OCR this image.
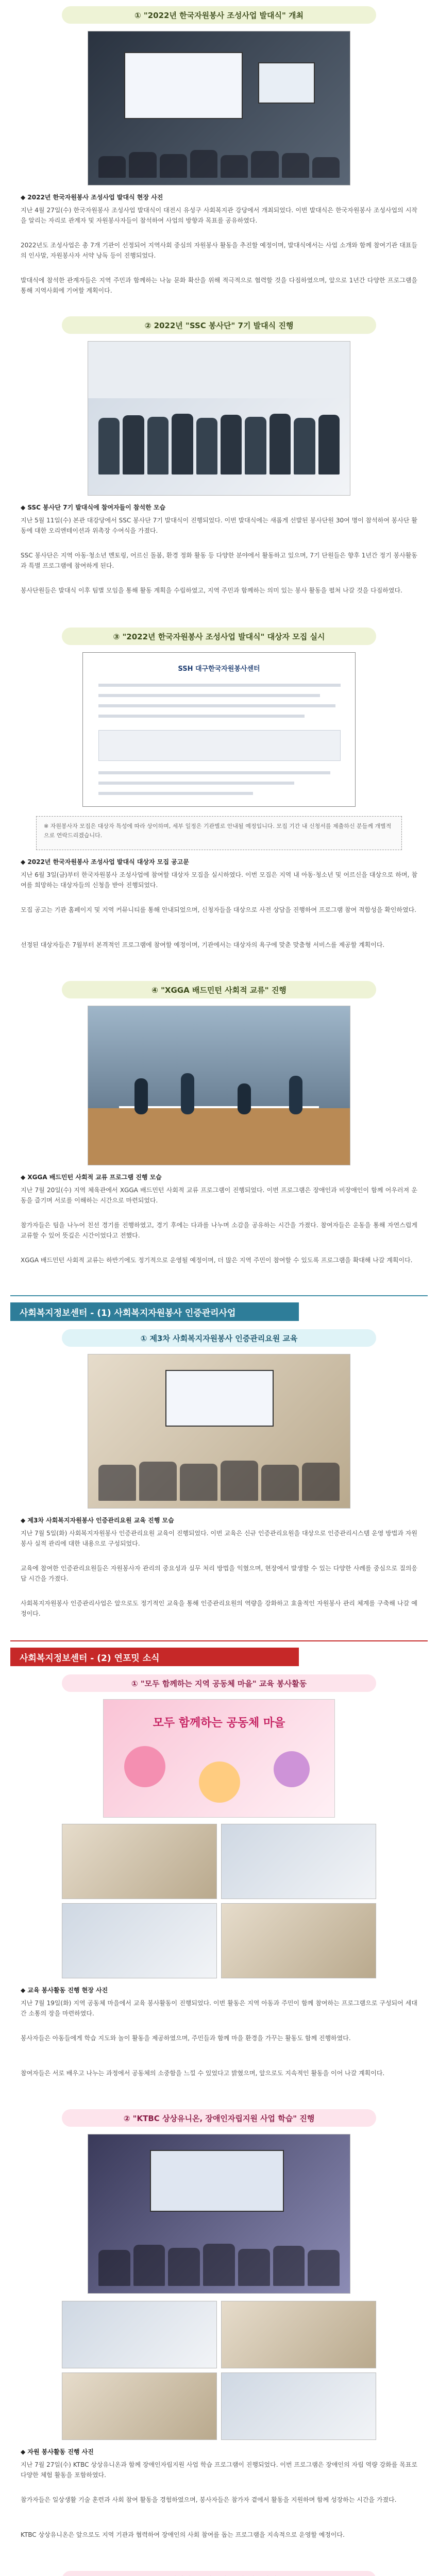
① "2022년 한국자원봉사 조성사업 발대식" 개최
◆ 2022년 한국자원봉사 조성사업 발대식 현장 사진
지난 4월 27일(수) 한국자원봉사 조성사업 발대식이 대전시 유성구 사회복지관 강당에서 개최되었다. 이번 발대식은 한국자원봉사 조성사업의 시작을 알리는 자리로 관계자 및 자원봉사자들이 참석하여 사업의 방향과 목표를 공유하였다.
2022년도 조성사업은 총 7개 기관이 선정되어 지역사회 중심의 자원봉사 활동을 추진할 예정이며, 발대식에서는 사업 소개와 함께 참여기관 대표들의 인사말, 자원봉사자 서약 낭독 등이 진행되었다.
발대식에 참석한 관계자들은 지역 주민과 함께하는 나눔 문화 확산을 위해 적극적으로 협력할 것을 다짐하였으며, 앞으로 1년간 다양한 프로그램을 통해 지역사회에 기여할 계획이다.
② 2022년 "SSC 봉사단" 7기 발대식 진행
◆ SSC 봉사단 7기 발대식에 참여자들이 참석한 모습
지난 5월 11일(수) 본관 대강당에서 SSC 봉사단 7기 발대식이 진행되었다. 이번 발대식에는 새롭게 선발된 봉사단원 30여 명이 참석하여 봉사단 활동에 대한 오리엔테이션과 위촉장 수여식을 가졌다.
SSC 봉사단은 지역 아동·청소년 멘토링, 어르신 돌봄, 환경 정화 활동 등 다양한 분야에서 활동하고 있으며, 7기 단원들은 향후 1년간 정기 봉사활동과 특별 프로그램에 참여하게 된다.
봉사단원들은 발대식 이후 팀별 모임을 통해 활동 계획을 수립하였고, 지역 주민과 함께하는 의미 있는 봉사 활동을 펼쳐 나갈 것을 다짐하였다.
③ "2022년 한국자원봉사 조성사업 발대식" 대상자 모집 실시
SSH 대구한국자원봉사센터
※ 자원봉사자 모집은 대상자 특성에 따라 상이하며, 세부 일정은 기관별로 안내될 예정입니다. 모집 기간 내 신청서를 제출하신 분들께 개별적으로 연락드리겠습니다.
◆ 2022년 한국자원봉사 조성사업 발대식 대상자 모집 공고문
지난 6월 3일(금)부터 한국자원봉사 조성사업에 참여할 대상자 모집을 실시하였다. 이번 모집은 지역 내 아동·청소년 및 어르신을 대상으로 하며, 참여를 희망하는 대상자들의 신청을 받아 진행되었다.
모집 공고는 기관 홈페이지 및 지역 커뮤니티를 통해 안내되었으며, 신청자들을 대상으로 사전 상담을 진행하여 프로그램 참여 적합성을 확인하였다.
선정된 대상자들은 7월부터 본격적인 프로그램에 참여할 예정이며, 기관에서는 대상자의 욕구에 맞춘 맞춤형 서비스를 제공할 계획이다.
④ "XGGA 배드민턴 사회적 교류" 진행
◆ XGGA 배드민턴 사회적 교류 프로그램 진행 모습
지난 7월 20일(수) 지역 체육관에서 XGGA 배드민턴 사회적 교류 프로그램이 진행되었다. 이번 프로그램은 장애인과 비장애인이 함께 어우러져 운동을 즐기며 서로를 이해하는 시간으로 마련되었다.
참가자들은 팀을 나누어 친선 경기를 진행하였고, 경기 후에는 다과를 나누며 소감을 공유하는 시간을 가졌다. 참여자들은 운동을 통해 자연스럽게 교류할 수 있어 뜻깊은 시간이었다고 전했다.
XGGA 배드민턴 사회적 교류는 하반기에도 정기적으로 운영될 예정이며, 더 많은 지역 주민이 참여할 수 있도록 프로그램을 확대해 나갈 계획이다.
사회복지정보센터 - (1) 사회복지자원봉사 인증관리사업
① 제3차 사회복지자원봉사 인증관리요원 교육
◆ 제3차 사회복지자원봉사 인증관리요원 교육 진행 모습
지난 7월 5일(화) 사회복지자원봉사 인증관리요원 교육이 진행되었다. 이번 교육은 신규 인증관리요원을 대상으로 인증관리시스템 운영 방법과 자원봉사 실적 관리에 대한 내용으로 구성되었다.
교육에 참여한 인증관리요원들은 자원봉사자 관리의 중요성과 실무 처리 방법을 익혔으며, 현장에서 발생할 수 있는 다양한 사례를 중심으로 질의응답 시간을 가졌다.
사회복지자원봉사 인증관리사업은 앞으로도 정기적인 교육을 통해 인증관리요원의 역량을 강화하고 효율적인 자원봉사 관리 체계를 구축해 나갈 예정이다.
사회복지정보센터 - (2) 연포밋 소식
① "모두 함께하는 지역 공동체 마을" 교육 봉사활동
모두 함께하는 공동체 마을
◆ 교육 봉사활동 진행 현장 사진
지난 7월 19일(화) 지역 공동체 마을에서 교육 봉사활동이 진행되었다. 이번 활동은 지역 아동과 주민이 함께 참여하는 프로그램으로 구성되어 세대 간 소통의 장을 마련하였다.
봉사자들은 아동들에게 학습 지도와 놀이 활동을 제공하였으며, 주민들과 함께 마을 환경을 가꾸는 활동도 함께 진행하였다.
참여자들은 서로 배우고 나누는 과정에서 공동체의 소중함을 느낄 수 있었다고 밝혔으며, 앞으로도 지속적인 활동을 이어 나갈 계획이다.
② "KTBC 상상유니온, 장애인자립지원 사업 학습" 진행
◆ 자원 봉사활동 진행 사진
지난 7월 27일(수) KTBC 상상유니온과 함께 장애인자립지원 사업 학습 프로그램이 진행되었다. 이번 프로그램은 장애인의 자립 역량 강화를 목표로 다양한 체험 활동을 포함하였다.
참가자들은 일상생활 기술 훈련과 사회 참여 활동을 경험하였으며, 봉사자들은 참가자 곁에서 활동을 지원하며 함께 성장하는 시간을 가졌다.
KTBC 상상유니온은 앞으로도 지역 기관과 협력하여 장애인의 사회 참여를 돕는 프로그램을 지속적으로 운영할 예정이다.
